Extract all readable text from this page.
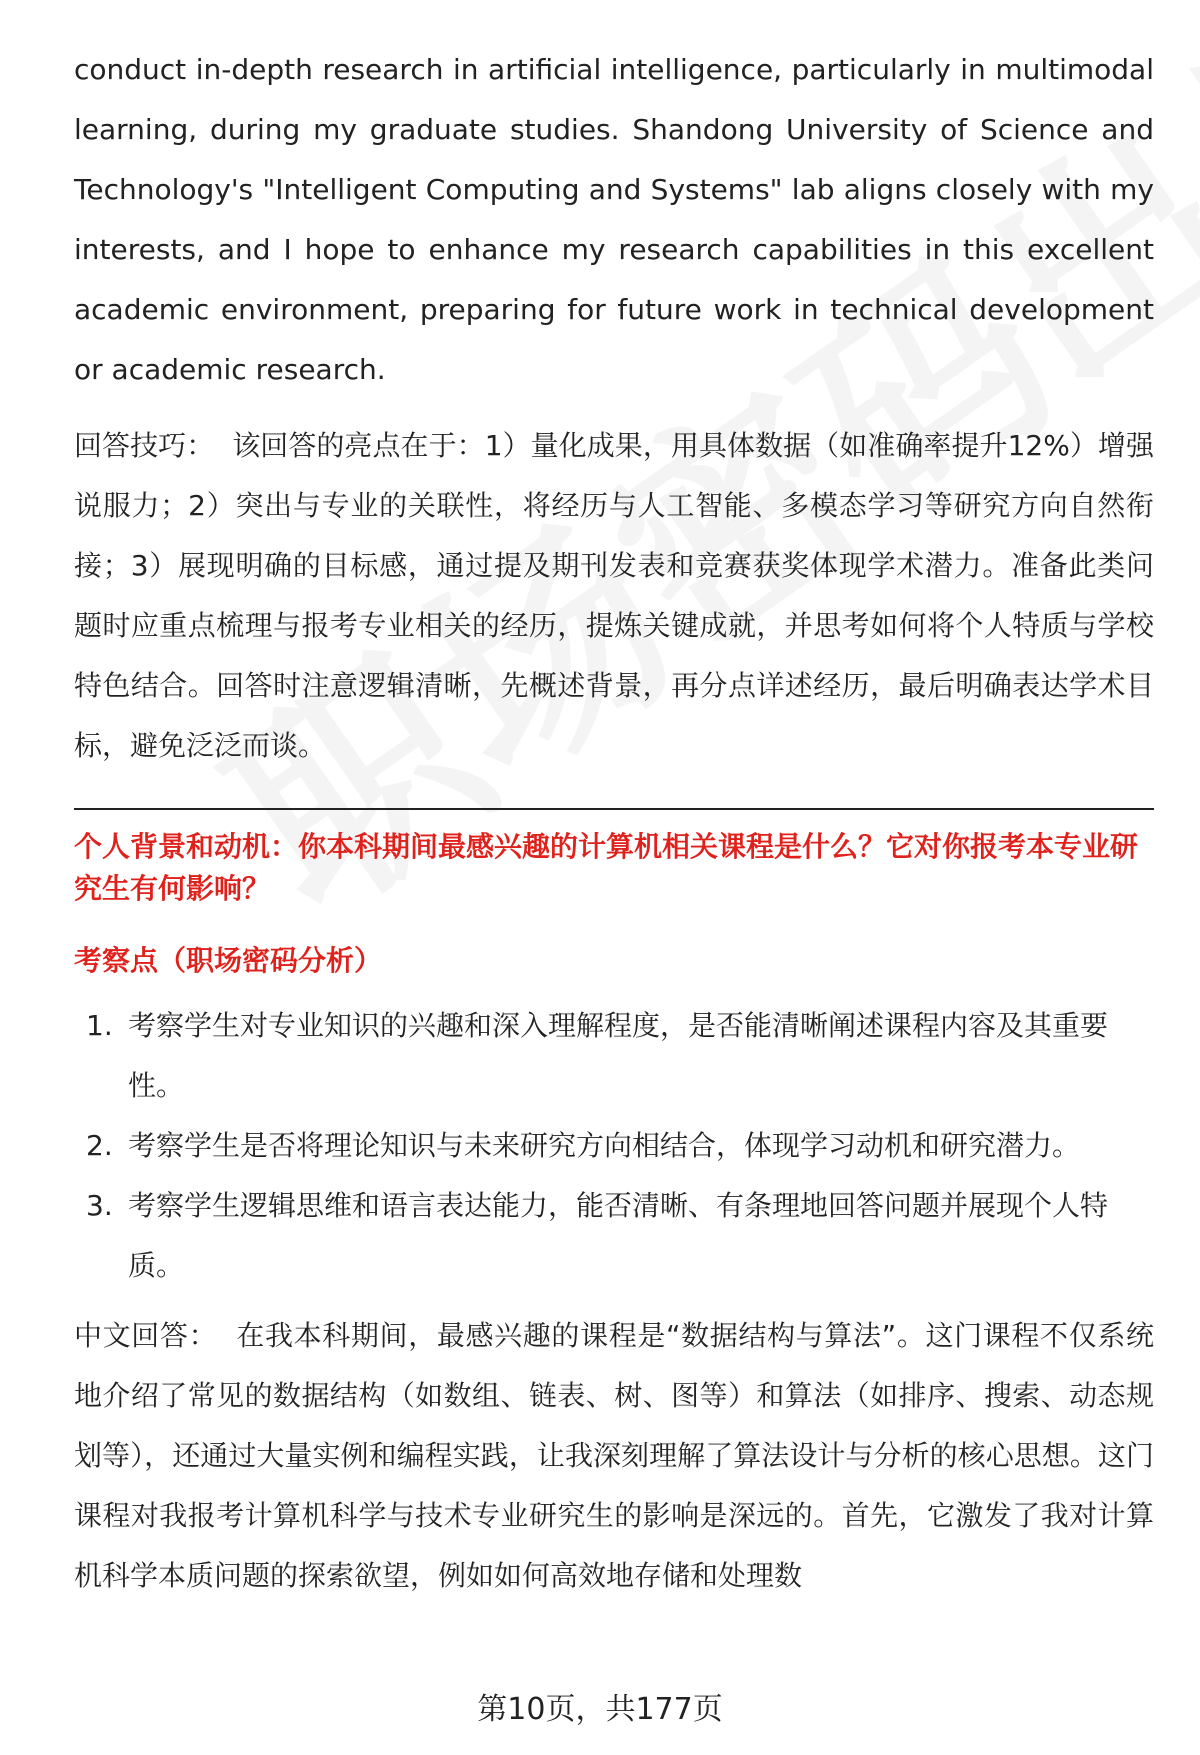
conduct in-depth research in artificial intelligence, particularly in multimodal learning, during my graduate studies. Shandong University of Science and Technology's "Intelligent Computing and Systems" lab aligns closely with my interests, and I hope to enhance my research capabilities in this excellent academic environment, preparing for future work in technical development or academic research.

回答技巧： 该回答的亮点在于：1）量化成果，用具体数据（如准确率提升12%）增强说服力；2）突出与专业的关联性，将经历与人工智能、多模态学习等研究方向自然衔接；3）展现明确的目标感，通过提及期刊发表和竞赛获奖体现学术潜力。准备此类问题时应重点梳理与报考专业相关的经历，提炼关键成就，并思考如何将个人特质与学校特色结合。回答时注意逻辑清晰，先概述背景，再分点详述经历，最后明确表达学术目标，避免泛泛而谈。

个人背景和动机：你本科期间最感兴趣的计算机相关课程是什么？它对你报考本专业研究生有何影响？

考察点（职场密码分析）

1. 考察学生对专业知识的兴趣和深入理解程度，是否能清晰阐述课程内容及其重要性。
2. 考察学生是否将理论知识与未来研究方向相结合，体现学习动机和研究潜力。
3. 考察学生逻辑思维和语言表达能力，能否清晰、有条理地回答问题并展现个人特质。

中文回答： 在我本科期间，最感兴趣的课程是“数据结构与算法”。这门课程不仅系统地介绍了常见的数据结构（如数组、链表、树、图等）和算法（如排序、搜索、动态规划等），还通过大量实例和编程实践，让我深刻理解了算法设计与分析的核心思想。这门课程对我报考计算机科学与技术专业研究生的影响是深远的。首先，它激发了我对计算机科学本质问题的探索欲望，例如如何高效地存储和处理数

第10页，共177页
